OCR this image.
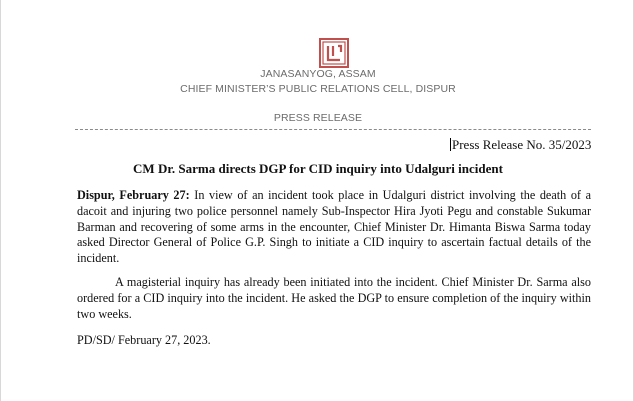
JANASANYOG, ASSAM
CHIEF MINISTER’S PUBLIC RELATIONS CELL, DISPUR
PRESS RELEASE
Press Release No. 35/2023
CM Dr. Sarma directs DGP for CID inquiry into Udalguri incident

Dispur, February 27: In view of an incident took place in Udalguri district involving the death of a dacoit and injuring two police personnel namely Sub-Inspector Hira Jyoti Pegu and constable Sukumar Barman and recovering of some arms in the encounter, Chief Minister Dr. Himanta Biswa Sarma today asked Director General of Police G.P. Singh to initiate a CID inquiry to ascertain factual details of the incident.

A magisterial inquiry has already been initiated into the incident. Chief Minister Dr. Sarma also ordered for a CID inquiry into the incident. He asked the DGP to ensure completion of the inquiry within two weeks.

PD/SD/ February 27, 2023.
